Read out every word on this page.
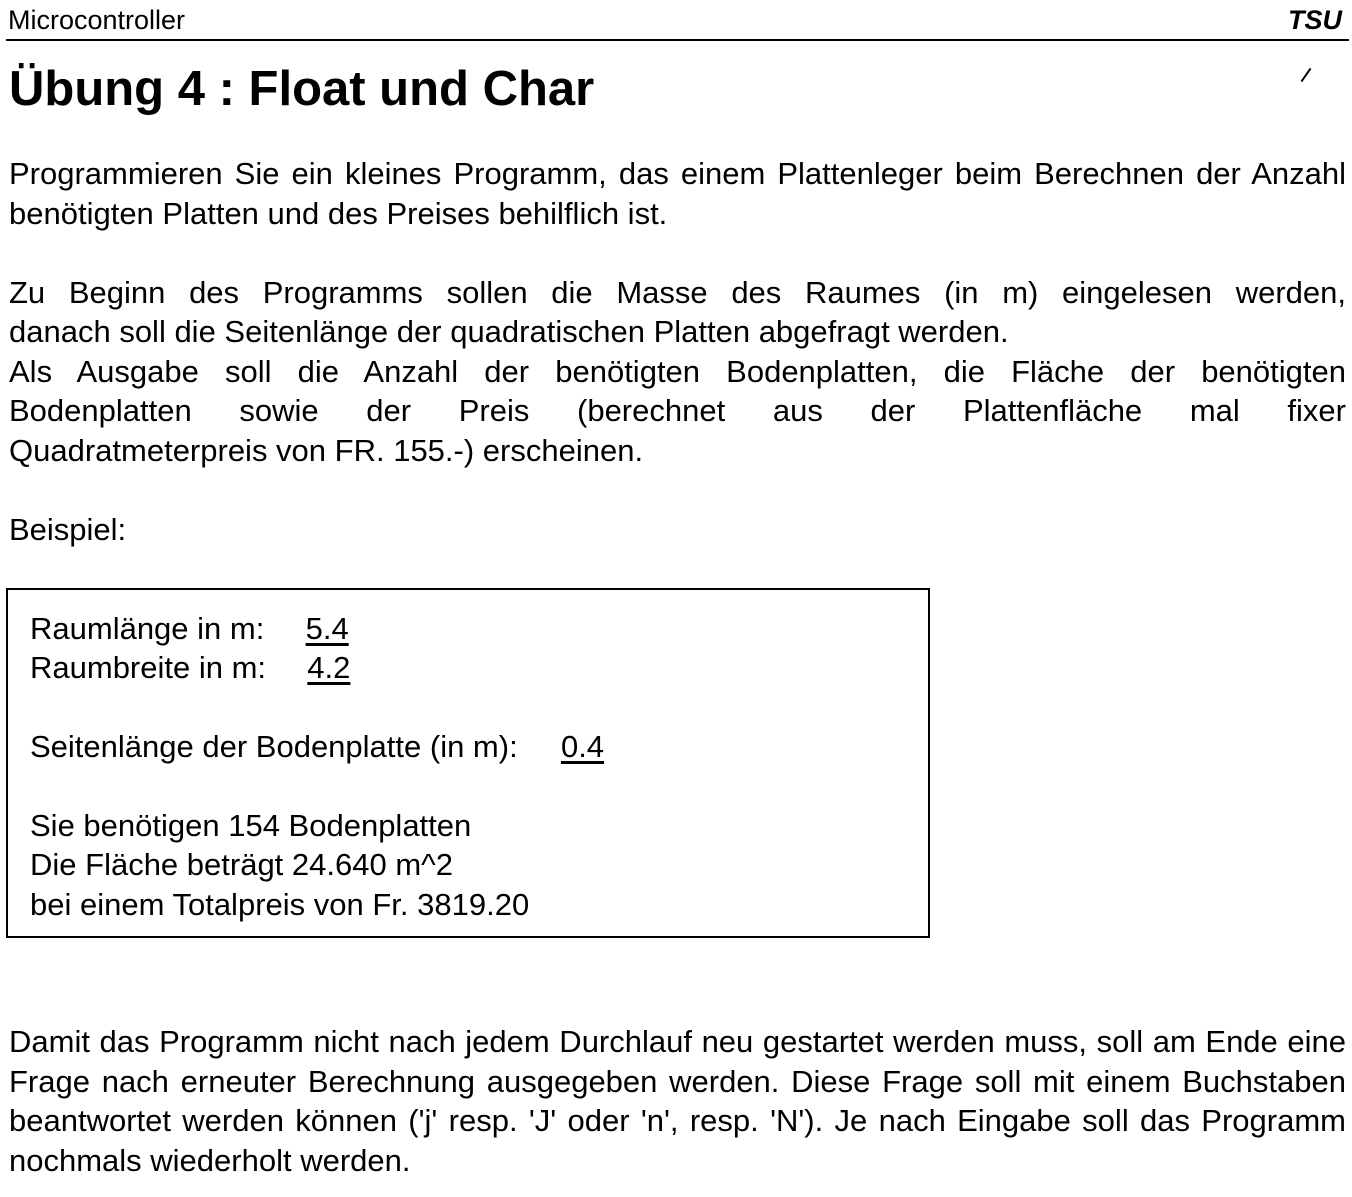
Microcontroller	TSU
Übung 4 : Float und Char

Programmieren Sie ein kleines Programm, das einem Plattenleger beim Berechnen der Anzahl benötigten Platten und des Preises behilflich ist.

Zu Beginn des Programms sollen die Masse des Raumes (in m) eingelesen werden,
danach soll die Seitenlänge der quadratischen Platten abgefragt werden.
Als Ausgabe soll die Anzahl der benötigten Bodenplatten, die Fläche der benötigten
Bodenplatten sowie der Preis (berechnet aus der Plattenfläche mal fixer
Quadratmeterpreis von FR. 155.-) erscheinen.

Beispiel:

Raumlänge in m: 5.4
Raumbreite in m: 4.2
Seitenlänge der Bodenplatte (in m): 0.4
Sie benötigen 154 Bodenplatten
Die Fläche beträgt 24.640 m^2
bei einem Totalpreis von Fr. 3819.20

Damit das Programm nicht nach jedem Durchlauf neu gestartet werden muss, soll am Ende eine Frage nach erneuter Berechnung ausgegeben werden. Diese Frage soll mit einem Buchstaben beantwortet werden können ('j' resp. 'J' oder 'n', resp. 'N'). Je nach Eingabe soll das Programm nochmals wiederholt werden.
